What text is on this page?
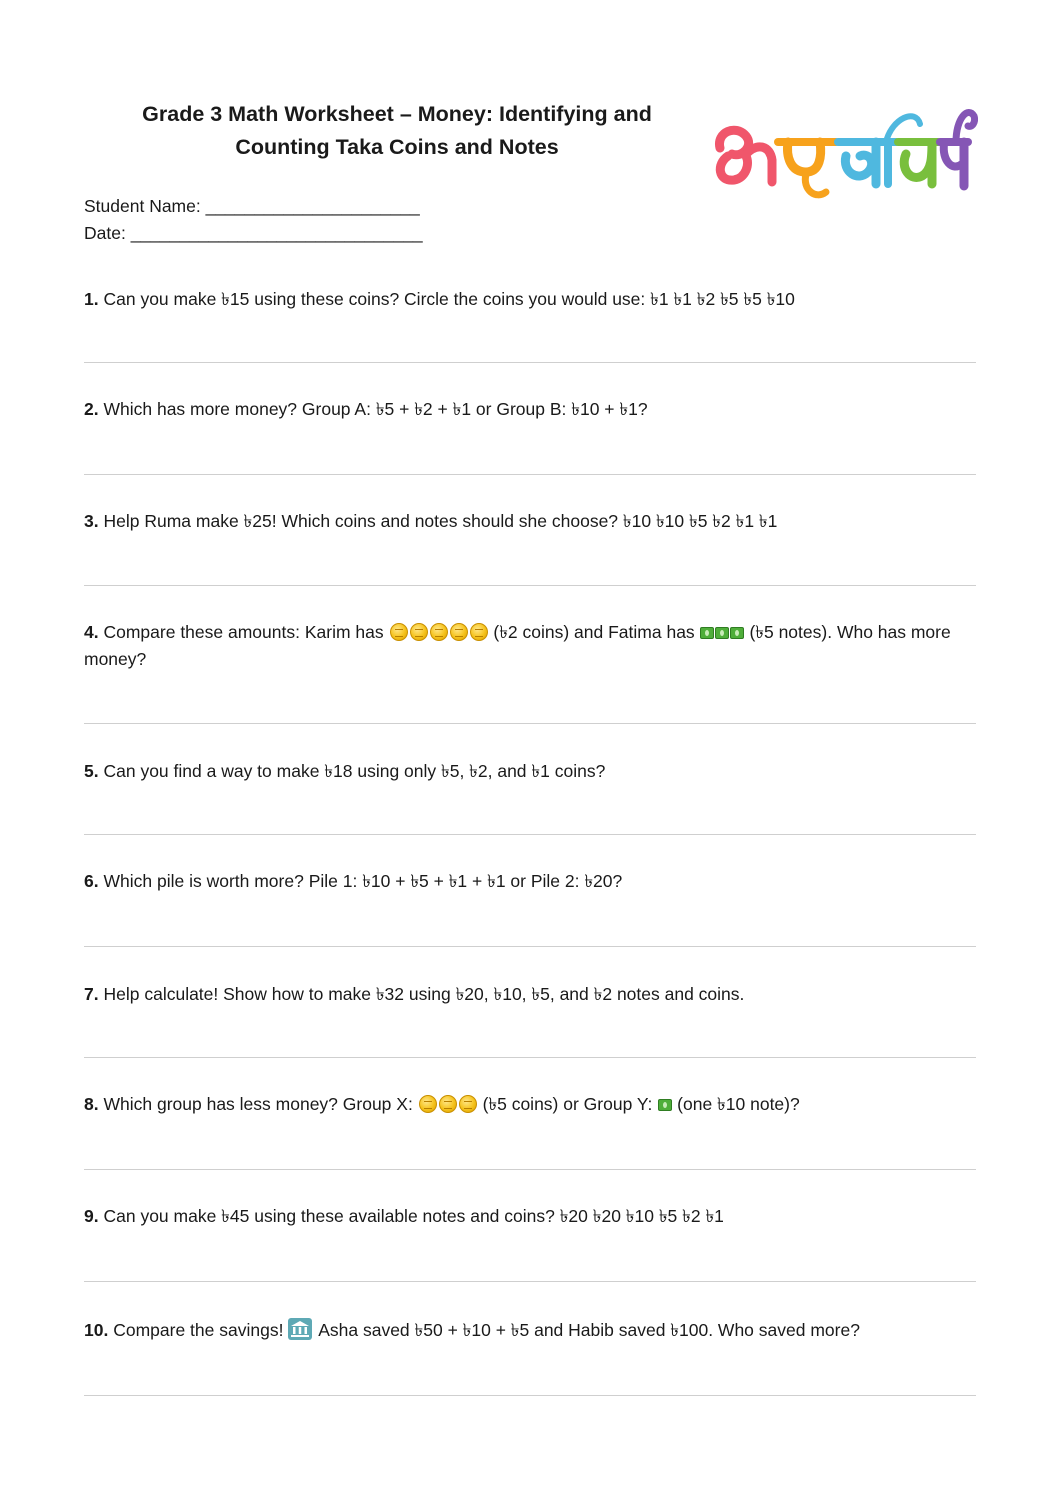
Grade 3 Math Worksheet – Money: Identifying and
Counting Taka Coins and Notes
Student Name: ______________________
Date: ______________________________
1. Can you make ৳15 using these coins? Circle the coins you would use: ৳1 ৳1 ৳2 ৳5 ৳5 ৳10
2. Which has more money? Group A: ৳5 + ৳2 + ৳1 or Group B: ৳10 + ৳1?
3. Help Ruma make ৳25! Which coins and notes should she choose? ৳10 ৳10 ৳5 ৳2 ৳1 ৳1
4. Compare these amounts: Karim has	(৳2 coins) and Fatima has	(৳5 notes). Who has more money?
5. Can you find a way to make ৳18 using only ৳5, ৳2, and ৳1 coins?
6. Which pile is worth more? Pile 1: ৳10 + ৳5 + ৳1 + ৳1 or Pile 2: ৳20?
7. Help calculate! Show how to make ৳32 using ৳20, ৳10, ৳5, and ৳2 notes and coins.
8. Which group has less money? Group X:	(৳5 coins) or Group Y: (one ৳10 note)?
9. Can you make ৳45 using these available notes and coins? ৳20 ৳20 ৳10 ৳5 ৳2 ৳1
10. Compare the savings! Asha saved ৳50 + ৳10 + ৳5 and Habib saved ৳100. Who saved more?
